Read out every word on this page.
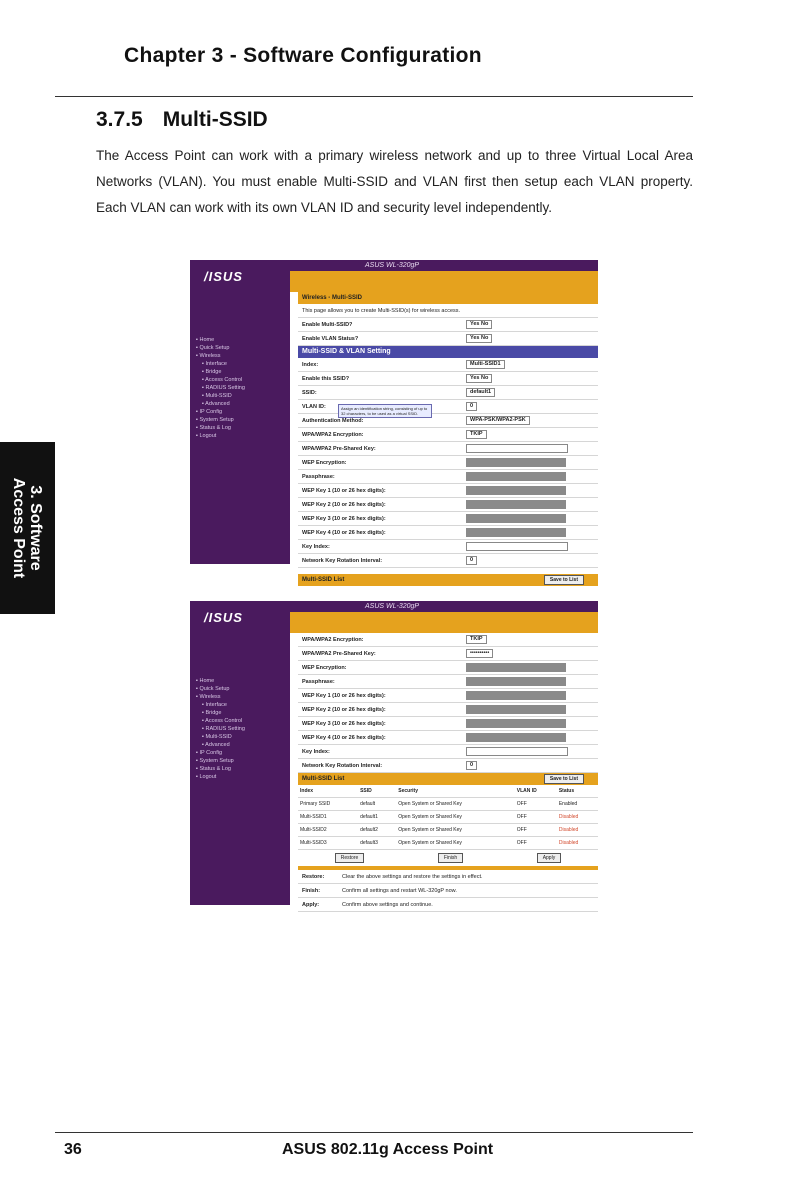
Chapter 3 - Software Configuration
3.7.5 Multi-SSID
The Access Point can work with a primary wireless network and up to three Virtual Local Area Networks (VLAN). You must enable Multi-SSID and VLAN first then setup each VLAN property. Each VLAN can work with its own VLAN ID and security level independently.
3. Software
Access Point
/ISUS
ASUS WL-320gP
▪ Home
▪ Quick Setup
▪ Wireless
▪ Interface
▪ Bridge
▪ Access Control
▪ RADIUS Setting
▪ Multi-SSID
▪ Advanced
▪ IP Config
▪ System Setup
▪ Status & Log
▪ Logout
Wireless - Multi-SSID
This page allows you to create Multi-SSID(s) for wireless access.
Enable Multi-SSID?	Yes No
Enable VLAN Status?	Yes No
Multi-SSID & VLAN Setting
Index:	Multi-SSID1
Enable this SSID?	Yes No
SSID:	default1
VLAN ID:	0
Authentication Method:	WPA-PSK/WPA2-PSK
WPA/WPA2 Encryption:	TKIP
WPA/WPA2 Pre-Shared Key:
WEP Encryption:
Passphrase:
WEP Key 1 (10 or 26 hex digits):
WEP Key 2 (10 or 26 hex digits):
WEP Key 3 (10 or 26 hex digits):
WEP Key 4 (10 or 26 hex digits):
Key Index:
Network Key Rotation Interval:	0
Multi-SSID List	Save to List
Assign an identification string, consisting of up to 32 characters, to be used as a virtual SSID.
/ISUS
ASUS WL-320gP
▪ Home
▪ Quick Setup
▪ Wireless
▪ Interface
▪ Bridge
▪ Access Control
▪ RADIUS Setting
▪ Multi-SSID
▪ Advanced
▪ IP Config
▪ System Setup
▪ Status & Log
▪ Logout
WPA/WPA2 Encryption:	TKIP
WPA/WPA2 Pre-Shared Key:	••••••••••
WEP Encryption:
Passphrase:
WEP Key 1 (10 or 26 hex digits):
WEP Key 2 (10 or 26 hex digits):
WEP Key 3 (10 or 26 hex digits):
WEP Key 4 (10 or 26 hex digits):
Key Index:
Network Key Rotation Interval:	0
Multi-SSID List	Save to List
Index	SSID	Security	VLAN ID	Status
Primary SSID	default	Open System or Shared Key	OFF	Enabled
Multi-SSID1	default1	Open System or Shared Key	OFF	Disabled
Multi-SSID2	default2	Open System or Shared Key	OFF	Disabled
Multi-SSID3	default3	Open System or Shared Key	OFF	Disabled
Restore	Finish	Apply
Restore:	Clear the above settings and restore the settings in effect.
Finish:	Confirm all settings and restart WL-320gP now.
Apply:	Confirm above settings and continue.
36	ASUS 802.11g Access Point
